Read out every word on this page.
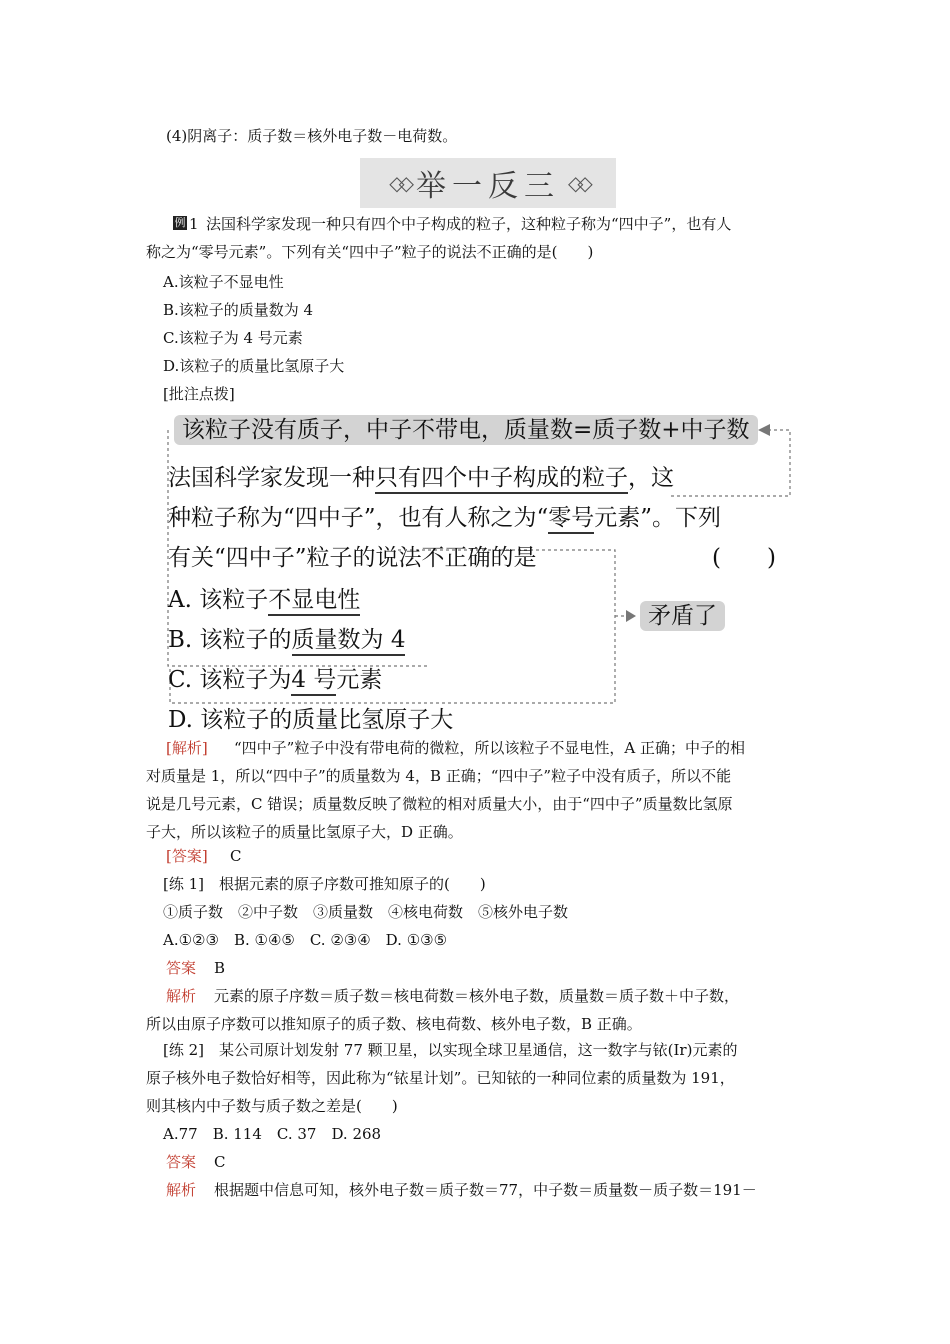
(4)阴离子：质子数＝核外电子数－电荷数。
◇◇ 举一反三 ◇◇
例 1 法国科学家发现一种只有四个中子构成的粒子，这种粒子称为“四中子”，也有人
称之为“零号元素”。下列有关“四中子”粒子的说法不正确的是(　　)
A.该粒子不显电性
B.该粒子的质量数为 4
C.该粒子为 4 号元素
D.该粒子的质量比氢原子大
[批注点拨]
该粒子没有质子，中子不带电，质量数=质子数+中子数
法国科学家发现一种只有四个中子构成的粒子，这
种粒子称为“四中子”，也有人称之为“零号元素”。下列
有关“四中子”粒子的说法不正确的是	(　　)
A. 该粒子不显电性
B. 该粒子的质量数为 4
C. 该粒子为4 号元素
D. 该粒子的质量比氢原子大
矛盾了
[解析] “四中子”粒子中没有带电荷的微粒，所以该粒子不显电性，A 正确；中子的相
对质量是 1，所以“四中子”的质量数为 4，B 正确；“四中子”粒子中没有质子，所以不能
说是几号元素，C 错误；质量数反映了微粒的相对质量大小，由于“四中子”质量数比氢原
子大，所以该粒子的质量比氢原子大，D 正确。
[答案] C
[练 1]　根据元素的原子序数可推知原子的(　　)
①质子数　②中子数　③质量数　④核电荷数　⑤核外电子数
A.①②③　B. ①④⑤　C. ②③④　D. ①③⑤
答案 B
解析 元素的原子序数＝质子数＝核电荷数＝核外电子数，质量数＝质子数＋中子数，
所以由原子序数可以推知原子的质子数、核电荷数、核外电子数，B 正确。
[练 2]　某公司原计划发射 77 颗卫星，以实现全球卫星通信，这一数字与铱(Ir)元素的
原子核外电子数恰好相等，因此称为“铱星计划”。已知铱的一种同位素的质量数为 191，
则其核内中子数与质子数之差是(　　)
A.77　B. 114　C. 37　D. 268
答案 C
解析 根据题中信息可知，核外电子数＝质子数＝77，中子数＝质量数－质子数＝191－
